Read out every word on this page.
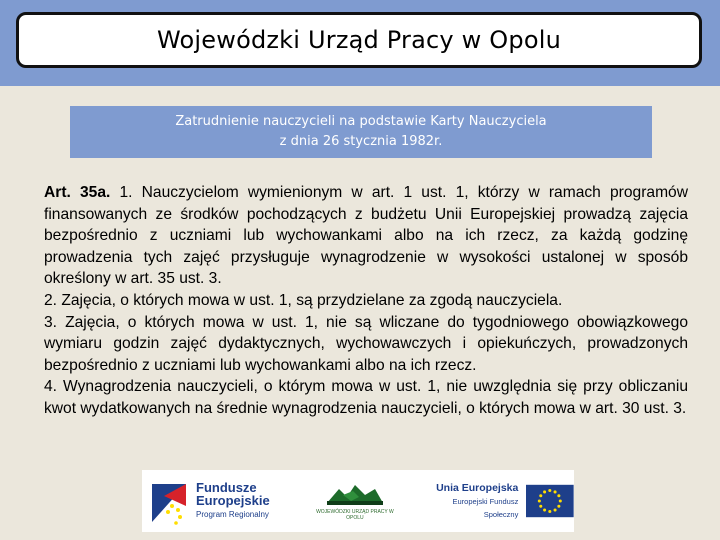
Wojewódzki Urząd Pracy w Opolu
Zatrudnienie nauczycieli na podstawie Karty Nauczyciela
z dnia 26 stycznia 1982r.

Art. 35a. 1. Nauczycielom wymienionym w art. 1 ust. 1, którzy w ramach programów finansowanych ze środków pochodzących z budżetu Unii Europejskiej prowadzą zajęcia bezpośrednio z uczniami lub wychowankami albo na ich rzecz, za każdą godzinę prowadzenia tych zajęć przysługuje wynagrodzenie w wysokości ustalonej w sposób określony w art. 35 ust. 3.

2. Zajęcia, o których mowa w ust. 1, są przydzielane za zgodą nauczyciela.

3. Zajęcia, o których mowa w ust. 1, nie są wliczane do tygodniowego obowiązkowego wymiaru godzin zajęć dydaktycznych, wychowawczych i opiekuńczych, prowadzonych bezpośrednio z uczniami lub wychowankami albo na ich rzecz.

4. Wynagrodzenia nauczycieli, o którym mowa w ust. 1, nie uwzględnia się przy obliczaniu kwot wydatkowanych na średnie wynagrodzenia nauczycieli, o których mowa w art. 30 ust. 3.

Fundusze
Europejskie
Program Regionalny	WOJEWÓDZKI URZĄD PRACY W OPOLU
Unia Europejska
Europejski Fundusz Społeczny
